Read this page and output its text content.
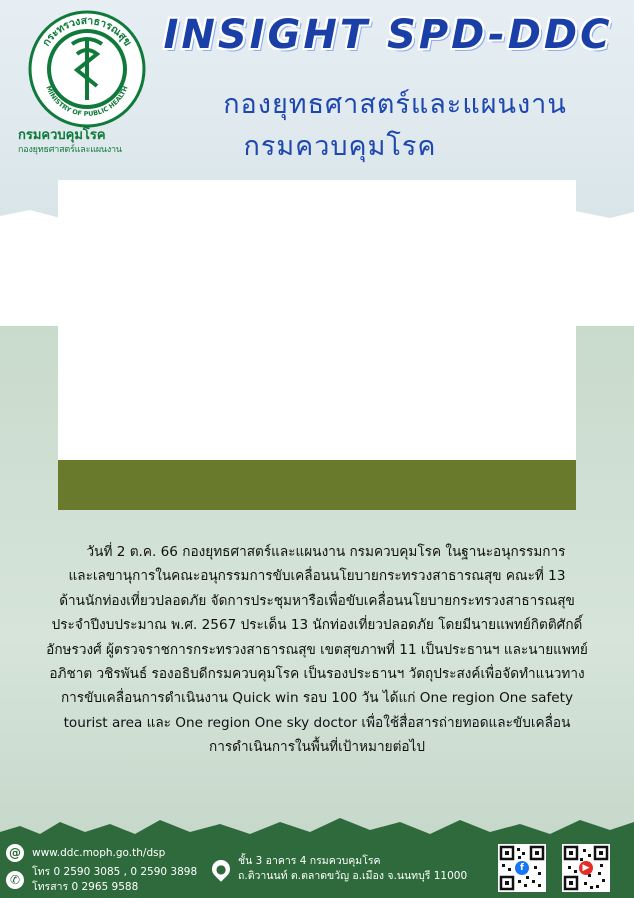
กระทรวงสาธารณสุข
MINISTRY OF PUBLIC HEALTH
กรมควบคุมโรค
กองยุทธศาสตร์และแผนงาน
INSIGHT SPD-DDC
กองยุทธศาสตร์และแผนงาน
กรมควบคุมโรค
วันที่ 2 ต.ค. 66 กองยุทธศาสตร์และแผนงาน กรมควบคุมโรค ในฐานะอนุกรรมการ
และเลขานุการในคณะอนุกรรมการขับเคลื่อนนโยบายกระทรวงสาธารณสุข คณะที่ 13
ด้านนักท่องเที่ยวปลอดภัย จัดการประชุมหารือเพื่อขับเคลื่อนนโยบายกระทรวงสาธารณสุข
ประจำปีงบประมาณ พ.ศ. 2567 ประเด็น 13 นักท่องเที่ยวปลอดภัย โดยมีนายแพทย์กิตติศักดิ์
อักษรวงศ์ ผู้ตรวจราชการกระทรวงสาธารณสุข เขตสุขภาพที่ 11 เป็นประธานฯ และนายแพทย์
อภิชาต วชิรพันธ์ รองอธิบดีกรมควบคุมโรค เป็นรองประธานฯ วัตถุประสงค์เพื่อจัดทำแนวทาง
การขับเคลื่อนการดำเนินงาน Quick win รอบ 100 วัน ได้แก่ One region One safety
tourist area และ One region One sky doctor เพื่อใช้สื่อสารถ่ายทอดและขับเคลื่อน
การดำเนินการในพื้นที่เป้าหมายต่อไป
@ www.ddc.moph.go.th/dsp
✆
โทร 0 2590 3085 , 0 2590 3898
โทรสาร 0 2965 9588
●
ชั้น 3 อาคาร 4 กรมควบคุมโรค
ถ.ติวานนท์ ต.ตลาดขวัญ อ.เมือง จ.นนทบุรี 11000
f	▶
